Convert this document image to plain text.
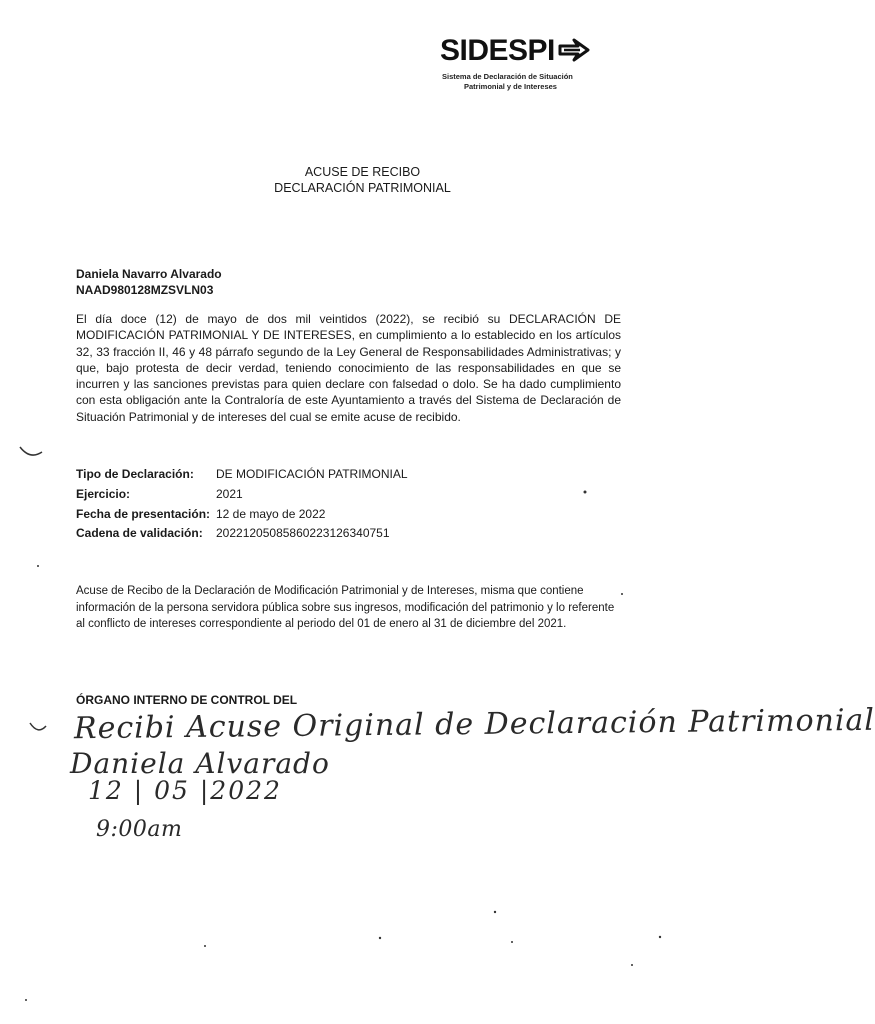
SIDESPI
Sistema de Declaración de Situación
Patrimonial y de Intereses
ACUSE DE RECIBO
DECLARACIÓN PATRIMONIAL
Daniela Navarro Alvarado
NAAD980128MZSVLN03
El día doce (12) de mayo de dos mil veintidos (2022), se recibió su DECLARACIÓN DE MODIFICACIÓN PATRIMONIAL Y DE INTERESES, en cumplimiento a lo establecido en los artículos 32, 33 fracción II, 46 y 48 párrafo segundo de la Ley General de Responsabilidades Administrativas; y que, bajo protesta de decir verdad, teniendo conocimiento de las responsabilidades en que se incurren y las sanciones previstas para quien declare con falsedad o dolo. Se ha dado cumplimiento con esta obligación ante la Contraloría de este Ayuntamiento a través del Sistema de Declaración de Situación Patrimonial y de intereses del cual se emite acuse de recibido.
Tipo de Declaración: DE MODIFICACIÓN PATRIMONIAL
Ejercicio:	2021
Fecha de presentación: 12 de mayo de 2022
Cadena de validación: 20221205085860223126340751
Acuse de Recibo de la Declaración de Modificación Patrimonial y de Intereses, misma que contiene información de la persona servidora pública sobre sus ingresos, modificación del patrimonio y lo referente al conflicto de intereses correspondiente al periodo del 01 de enero al 31 de diciembre del 2021.
ÓRGANO INTERNO DE CONTROL DEL
Recibi Acuse Original de Declaración Patrimonial
Daniela Alvarado
12 | 05 |2022
9:00am
